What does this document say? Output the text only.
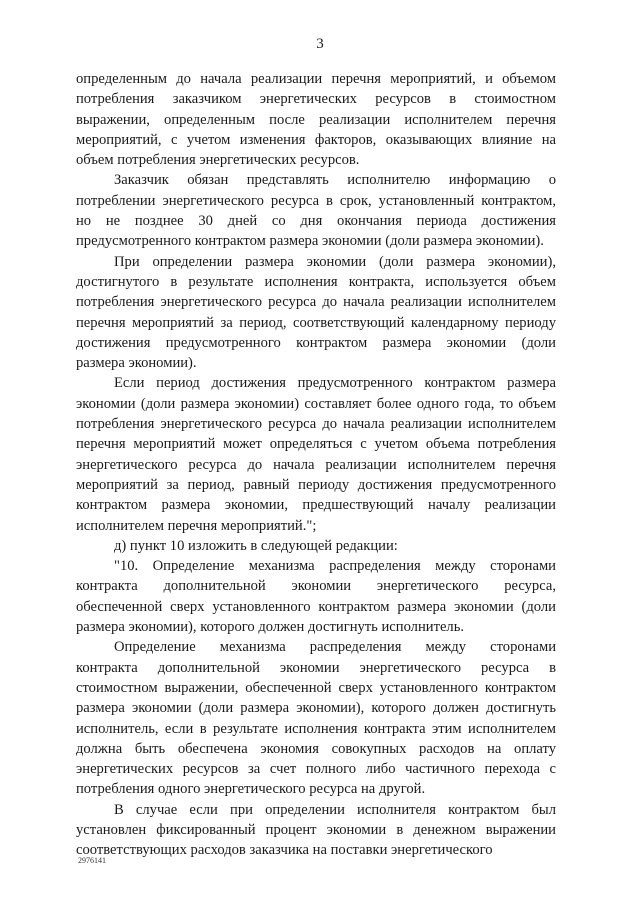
3
определенным до начала реализации перечня мероприятий, и объемом
потребления заказчиком энергетических ресурсов в стоимостном
выражении, определенным после реализации исполнителем перечня
мероприятий, с учетом изменения факторов, оказывающих влияние на
объем потребления энергетических ресурсов.
Заказчик обязан представлять исполнителю информацию о
потреблении энергетического ресурса в срок, установленный контрактом,
но не позднее 30 дней со дня окончания периода достижения
предусмотренного контрактом размера экономии (доли размера экономии).
При определении размера экономии (доли размера экономии),
достигнутого в результате исполнения контракта, используется объем
потребления энергетического ресурса до начала реализации исполнителем
перечня мероприятий за период, соответствующий календарному периоду
достижения предусмотренного контрактом размера экономии (доли
размера экономии).
Если период достижения предусмотренного контрактом размера
экономии (доли размера экономии) составляет более одного года, то объем
потребления энергетического ресурса до начала реализации исполнителем
перечня мероприятий может определяться с учетом объема потребления
энергетического ресурса до начала реализации исполнителем перечня
мероприятий за период, равный периоду достижения предусмотренного
контрактом размера экономии, предшествующий началу реализации
исполнителем перечня мероприятий.";
д) пункт 10 изложить в следующей редакции:
"10. Определение механизма распределения между сторонами
контракта дополнительной экономии энергетического ресурса,
обеспеченной сверх установленного контрактом размера экономии (доли
размера экономии), которого должен достигнуть исполнитель.
Определение механизма распределения между сторонами
контракта дополнительной экономии энергетического ресурса в
стоимостном выражении, обеспеченной сверх установленного контрактом
размера экономии (доли размера экономии), которого должен достигнуть
исполнитель, если в результате исполнения контракта этим исполнителем
должна быть обеспечена экономия совокупных расходов на оплату
энергетических ресурсов за счет полного либо частичного перехода с
потребления одного энергетического ресурса на другой.
В случае если при определении исполнителя контрактом был
установлен фиксированный процент экономии в денежном выражении
соответствующих расходов заказчика на поставки энергетического
2976141
